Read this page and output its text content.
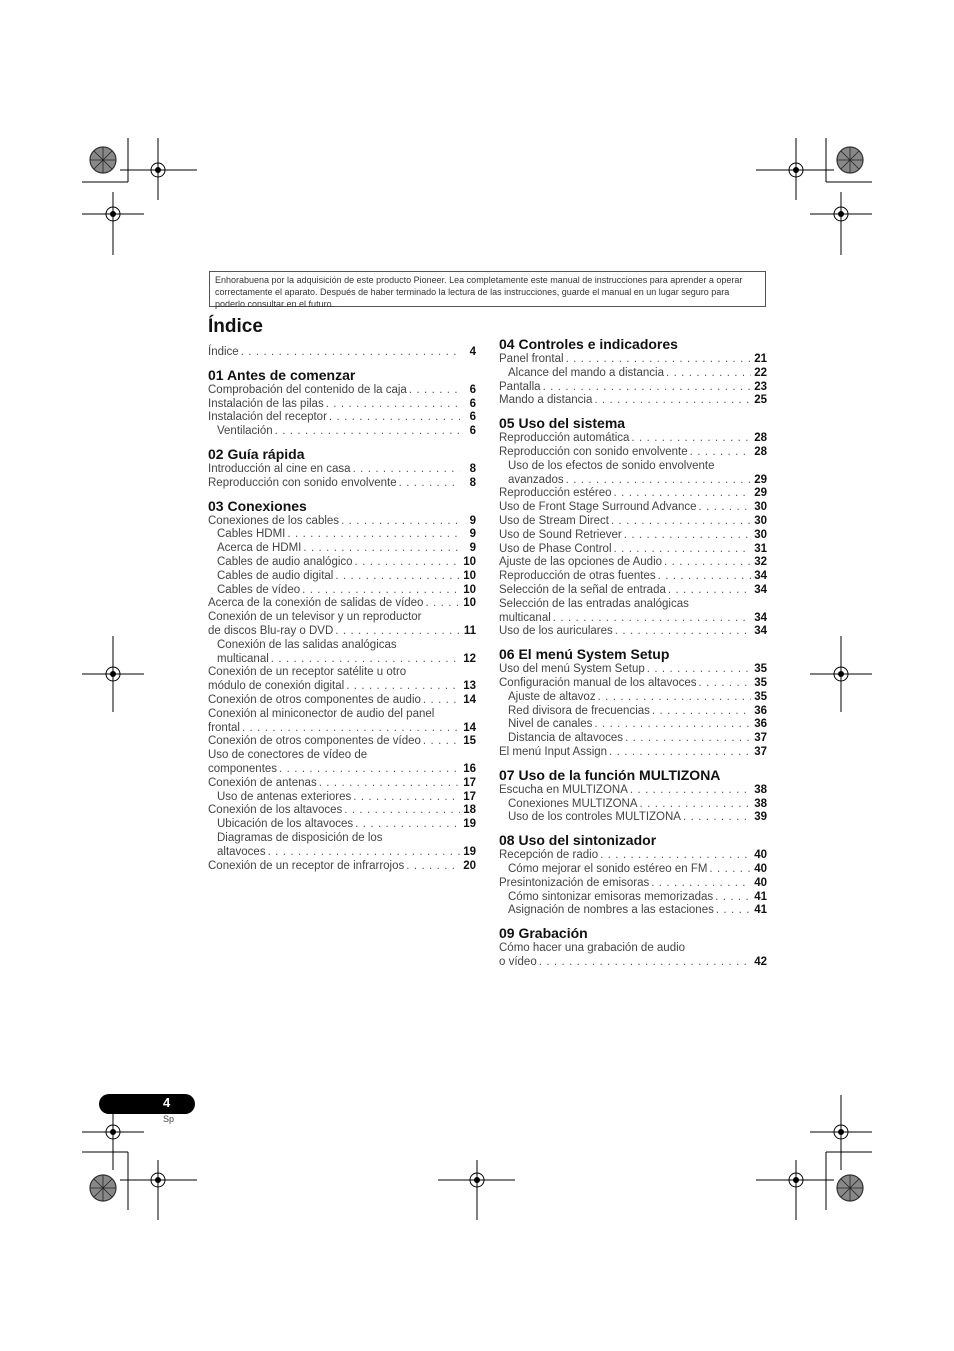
Enhorabuena por la adquisición de este producto Pioneer. Lea completamente este manual de instrucciones para aprender a operar correctamente el aparato. Después de haber terminado la lectura de las instrucciones, guarde el manual en un lugar seguro para poderlo consultar en el futuro.
Índice
Índice . . .	4
01 Antes de comenzar
Comprobación del contenido de la caja . . .	6
Instalación de las pilas . . .	6
Instalación del receptor . . .	6
Ventilación . . .	6
02 Guía rápida
Introducción al cine en casa . . .	8
Reproducción con sonido envolvente . . .	8
03 Conexiones
Conexiones de los cables . . .	9
Cables HDMI . . .	9
Acerca de HDMI . . .	9
Cables de audio analógico . . .	10
Cables de audio digital . . .	10
Cables de vídeo . . .	10
Acerca de la conexión de salidas de vídeo . . .	10
Conexión de un televisor y un reproductor
de discos Blu-ray o DVD . . .	11
Conexión de las salidas analógicas
multicanal . . .	12
Conexión de un receptor satélite u otro
módulo de conexión digital . . .	13
Conexión de otros componentes de audio . . .	14
Conexión al miniconector de audio del panel
frontal . . .	14
Conexión de otros componentes de vídeo . . .	15
Uso de conectores de vídeo de
componentes . . .	16
Conexión de antenas . . .	17
Uso de antenas exteriores . . .	17
Conexión de los altavoces . . .	18
Ubicación de los altavoces . . .	19
Diagramas de disposición de los
altavoces . . .	19
Conexión de un receptor de infrarrojos . . .	20
04 Controles e indicadores
Panel frontal . . .	21
Alcance del mando a distancia . . .	22
Pantalla . . .	23
Mando a distancia . . .	25
05 Uso del sistema
Reproducción automática . . .	28
Reproducción con sonido envolvente . . .	28
Uso de los efectos de sonido envolvente
avanzados . . .	29
Reproducción estéreo . . .	29
Uso de Front Stage Surround Advance . . .	30
Uso de Stream Direct . . .	30
Uso de Sound Retriever . . .	30
Uso de Phase Control . . .	31
Ajuste de las opciones de Audio . . .	32
Reproducción de otras fuentes . . .	34
Selección de la señal de entrada . . .	34
Selección de las entradas analógicas
multicanal . . .	34
Uso de los auriculares . . .	34
06 El menú System Setup
Uso del menú System Setup . . .	35
Configuración manual de los altavoces . . .	35
Ajuste de altavoz . . .	35
Red divisora de frecuencias . . .	36
Nivel de canales . . .	36
Distancia de altavoces . . .	37
El menú Input Assign . . .	37
07 Uso de la función MULTIZONA
Escucha en MULTIZONA . . .	38
Conexiones MULTIZONA . . .	38
Uso de los controles MULTIZONA . . .	39
08 Uso del sintonizador
Recepción de radio . . .	40
Cómo mejorar el sonido estéreo en FM . . .	40
Presintonización de emisoras . . .	40
Cómo sintonizar emisoras memorizadas . . .	41
Asignación de nombres a las estaciones . . .	41
09 Grabación
Cómo hacer una grabación de audio
o vídeo . . .	42
4
Sp
